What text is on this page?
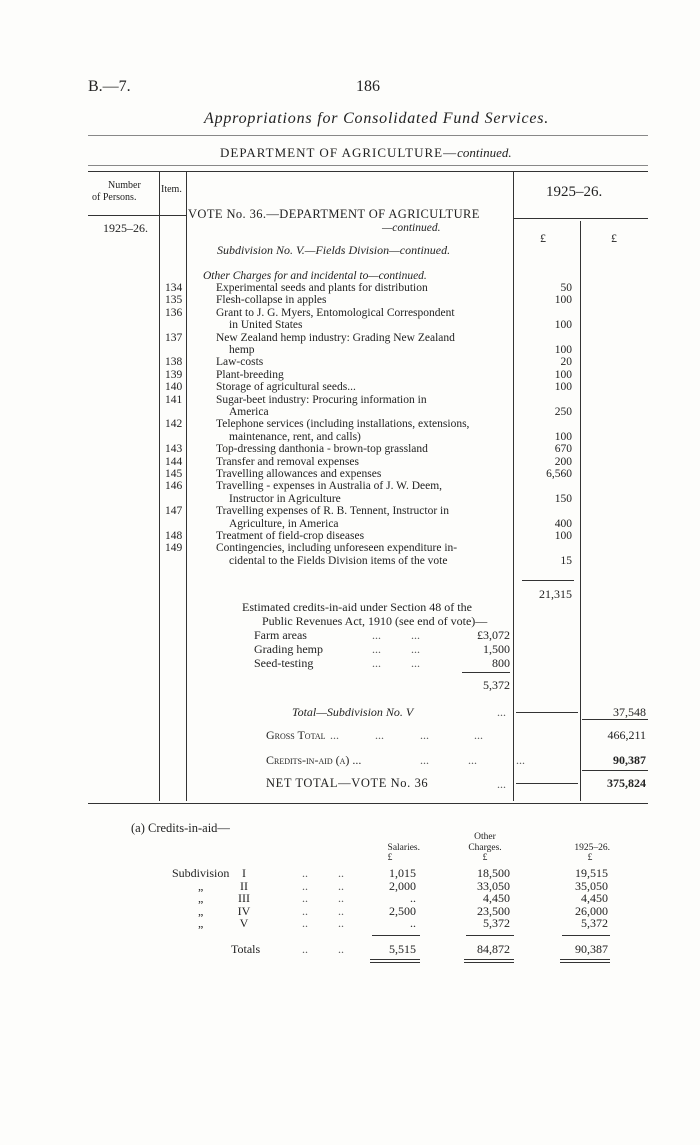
B.—7.	186
Appropriations for Consolidated Fund Services.
DEPARTMENT OF AGRICULTURE—continued.
Number
of Persons.
Item.	1925–26.
1925–26.
VOTE No. 36.—DEPARTMENT OF AGRICULTURE
—continued.
£	£
Subdivision No. V.—Fields Division—continued.
Other Charges for and incidental to—continued.
134	Experimental seeds and plants for distribution	50
135	Flesh-collapse in apples	100
136	Grant to J. G. Myers, Entomological Correspondent
in United States	100
137	New Zealand hemp industry: Grading New Zealand
hemp	100
138	Law-costs	20
139	Plant-breeding	100
140	Storage of agricultural seeds...	100
141	Sugar-beet industry: Procuring information in
America	250
142	Telephone services (including installations, extensions,
maintenance, rent, and calls)	100
143	Top-dressing danthonia - brown-top grassland	670
144	Transfer and removal expenses	200
145	Travelling allowances and expenses	6,560
146	Travelling - expenses in Australia of J. W. Deem,
Instructor in Agriculture	150
147	Travelling expenses of R. B. Tennent, Instructor in
Agriculture, in America	400
148	Treatment of field-crop diseases	100
149	Contingencies, including unforeseen expenditure in-
cidental to the Fields Division items of the vote	15
21,315
Estimated credits-in-aid under Section 48 of the
Public Revenues Act, 1910 (see end of vote)—
Farm areas	...          ...	£3,072
Grading hemp	...          ...	1,500
Seed-testing	...          ...	800
5,372
Total—Subdivision No. V	...	37,548
Gross Total ...            ...            ...               ...	466,211
Credits-in-aid (a) ...	...             ...             ...	90,387
NET TOTAL—VOTE No. 36	...	375,824
(a) Credits-in-aid—
Salaries.
Other
Charges.	1925–26.
£	£	£
Subdivision	I	..          ..	1,015	18,500	19,515
„	II	..          ..	2,000	33,050	35,050
„	III	..          ..	..	4,450	4,450
„	IV	..          ..	2,500	23,500	26,000
„	V	..          ..	..	5,372	5,372
Totals	..          ..	5,515	84,872	90,387
